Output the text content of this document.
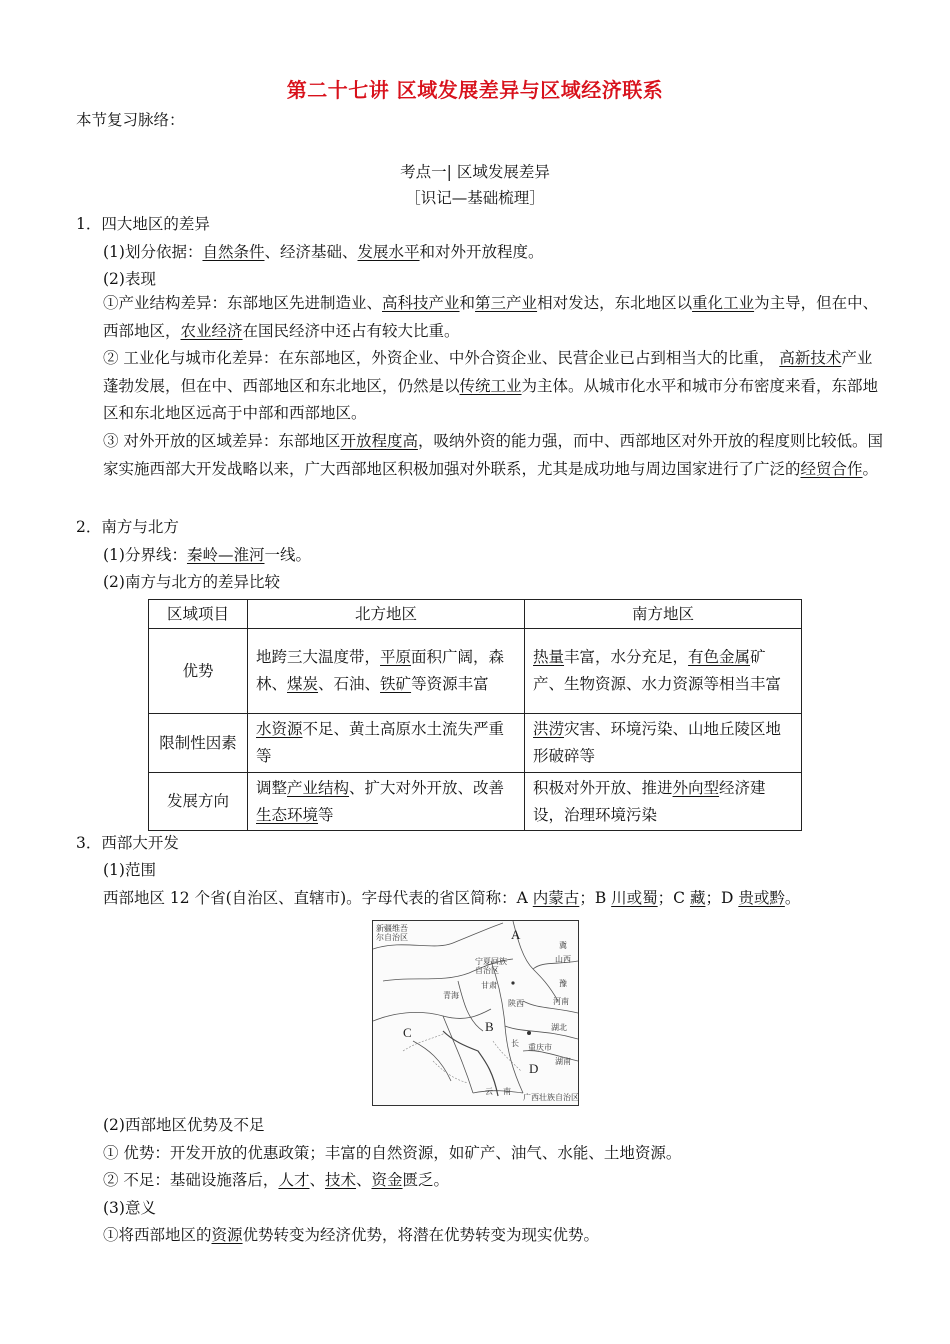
第二十七讲 区域发展差异与区域经济联系
本节复习脉络：
考点一| 区域发展差异
［识记—基础梳理］
1．四大地区的差异
(1)划分依据：自然条件、经济基础、发展水平和对外开放程度。
(2)表现
①产业结构差异：东部地区先进制造业、高科技产业和第三产业相对发达，东北地区以重化工业为主导，但在中、西部地区，农业经济在国民经济中还占有较大比重。
② 工业化与城市化差异：在东部地区，外资企业、中外合资企业、民营企业已占到相当大的比重， 高新技术产业蓬勃发展，但在中、西部地区和东北地区，仍然是以传统工业为主体。从城市化水平和城市分布密度来看，东部地区和东北地区远高于中部和西部地区。
③ 对外开放的区域差异：东部地区开放程度高，吸纳外资的能力强，而中、西部地区对外开放的程度则比较低。国家实施西部大开发战略以来，广大西部地区积极加强对外联系，尤其是成功地与周边国家进行了广泛的经贸合作。
2．南方与北方
(1)分界线：秦岭—淮河一线。
(2)南方与北方的差异比较
区域项目	北方地区	南方地区
优势	地跨三大温度带，平原面积广阔，森林、煤炭、石油、铁矿等资源丰富	热量丰富，水分充足，有色金属矿产、生物资源、水力资源等相当丰富
限制性因素	水资源不足、黄土高原水土流失严重等	洪涝灾害、环境污染、山地丘陵区地形破碎等
发展方向	调整产业结构、扩大对外开放、改善生态环境等	积极对外开放、推进外向型经济建设，治理环境污染
3．西部大开发
(1)范围
西部地区 12 个省(自治区、直辖市)。字母代表的省区简称：A 内蒙古；B 川或蜀；C 藏；D 贵或黔。
新疆维吾
尔自治区
宁夏回族
自治区
青海
甘肃
陕西
冀
山西
豫
河南
湖北
重庆市
长
湖南
云 南
广西壮族自治区
A
B
C
D
(2)西部地区优势及不足
① 优势：开发开放的优惠政策；丰富的自然资源，如矿产、油气、水能、土地资源。
② 不足：基础设施落后，人才、技术、资金匮乏。
(3)意义
①将西部地区的资源优势转变为经济优势，将潜在优势转变为现实优势。
